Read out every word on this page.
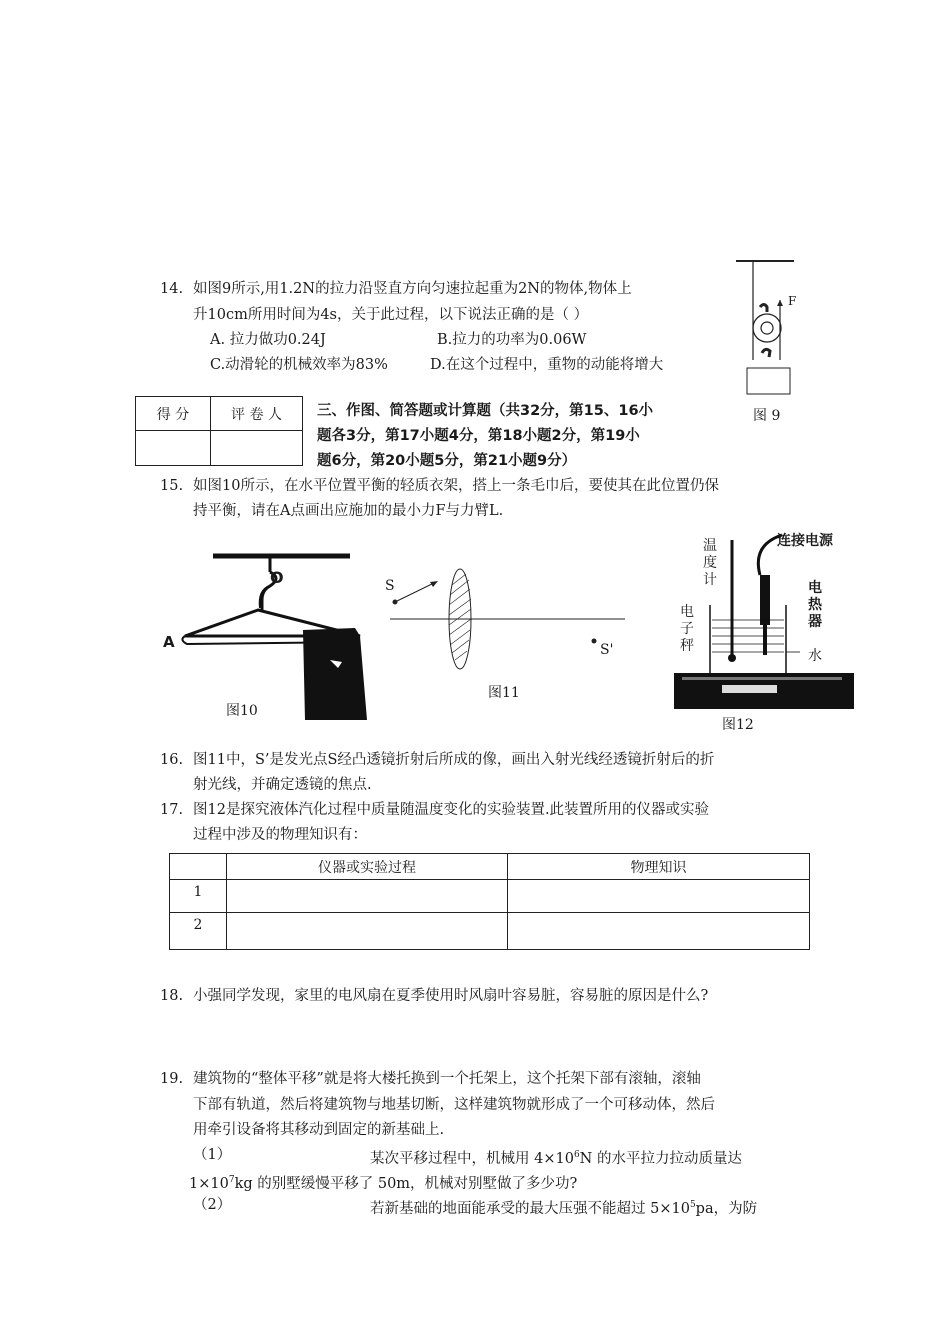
14. 如图9所示,用1.2N的拉力沿竖直方向匀速拉起重为2N的物体,物体上
升10cm所用时间为4s，关于此过程，以下说法正确的是（ ）
A. 拉力做功0.24J	B.拉力的功率为0.06W
C.动滑轮的机械效率为83%	D.在这个过程中，重物的动能将增大
F
图 9
得 分	评 卷 人
	三、作图、简答题或计算题（共32分，第15、16小
题各3分，第17小题4分，第18小题2分，第19小
题6分，第20小题5分，第21小题9分）
15. 如图10所示，在水平位置平衡的轻质衣架，搭上一条毛巾后，要使其在此位置仍保
持平衡，请在A点画出应施加的最小力F与力臂L.
O
A
图10
S
S'
图11
温度计
连接电源
电热器
电子秤
水
图12
16. 图11中，S’是发光点S经凸透镜折射后所成的像，画出入射光线经透镜折射后的折
射光线，并确定透镜的焦点.
17. 图12是探究液体汽化过程中质量随温度变化的实验装置.此装置所用的仪器或实验
过程中涉及的物理知识有：
	仪器或实验过程	物理知识
1		
2		
18. 小强同学发现，家里的电风扇在夏季使用时风扇叶容易脏，容易脏的原因是什么?
19. 建筑物的“整体平移”就是将大楼托换到一个托架上，这个托架下部有滚轴，滚轴
下部有轨道，然后将建筑物与地基切断，这样建筑物就形成了一个可移动体，然后
用牵引设备将其移动到固定的新基础上.
（1）	某次平移过程中，机械用 $4\times 10^6N$ 的水平拉力拉动质量达
$1\times 10^7kg$ 的别墅缓慢平移了 50m，机械对别墅做了多少功?
（2）	若新基础的地面能承受的最大压强不能超过 $5\times 10^5pa$，为防
